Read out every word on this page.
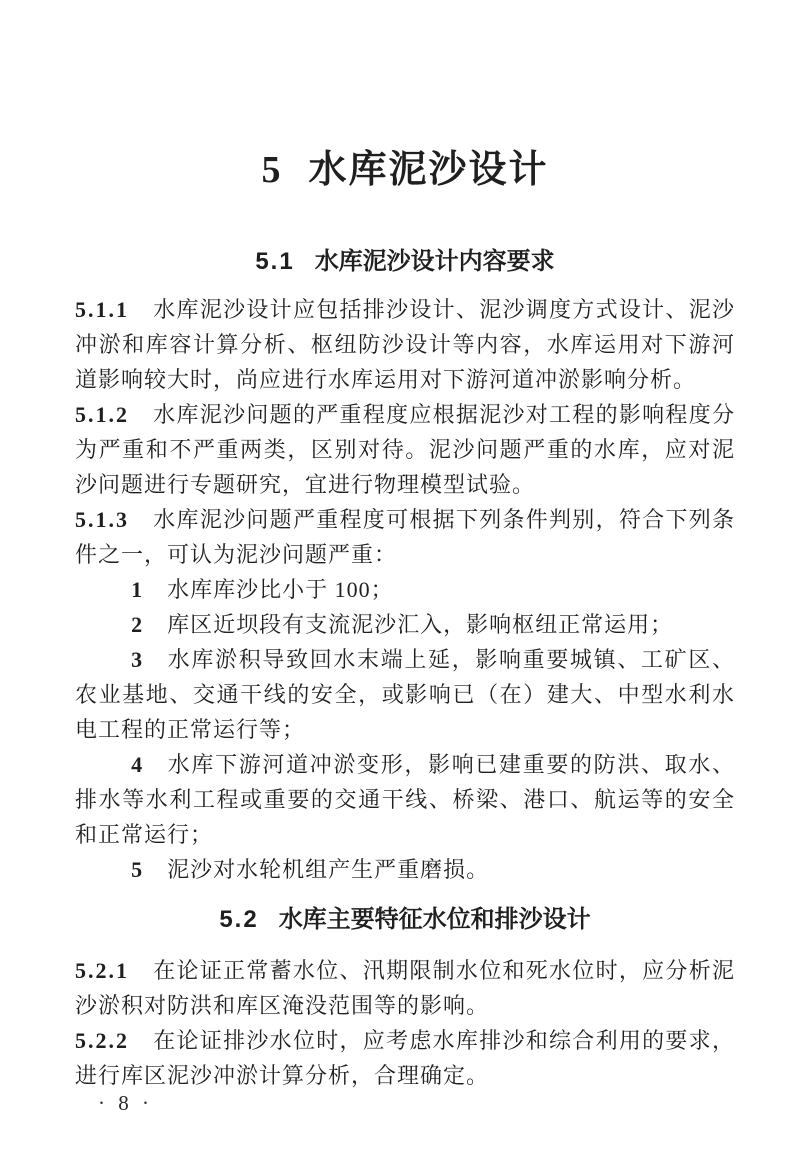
5 水库泥沙设计
5.1 水库泥沙设计内容要求

5.1.1 水库泥沙设计应包括排沙设计、泥沙调度方式设计、泥沙冲淤和库容计算分析、枢纽防沙设计等内容，水库运用对下游河道影响较大时，尚应进行水库运用对下游河道冲淤影响分析。

5.1.2 水库泥沙问题的严重程度应根据泥沙对工程的影响程度分为严重和不严重两类，区别对待。泥沙问题严重的水库，应对泥沙问题进行专题研究，宜进行物理模型试验。

5.1.3 水库泥沙问题严重程度可根据下列条件判别，符合下列条件之一，可认为泥沙问题严重：

1 水库库沙比小于 100；

2 库区近坝段有支流泥沙汇入，影响枢纽正常运用；

3 水库淤积导致回水末端上延，影响重要城镇、工矿区、农业基地、交通干线的安全，或影响已（在）建大、中型水利水电工程的正常运行等；

4 水库下游河道冲淤变形，影响已建重要的防洪、取水、排水等水利工程或重要的交通干线、桥梁、港口、航运等的安全和正常运行；

5 泥沙对水轮机组产生严重磨损。

5.2 水库主要特征水位和排沙设计

5.2.1 在论证正常蓄水位、汛期限制水位和死水位时，应分析泥沙淤积对防洪和库区淹没范围等的影响。

5.2.2 在论证排沙水位时，应考虑水库排沙和综合利用的要求，进行库区泥沙冲淤计算分析，合理确定。

· 8 ·
